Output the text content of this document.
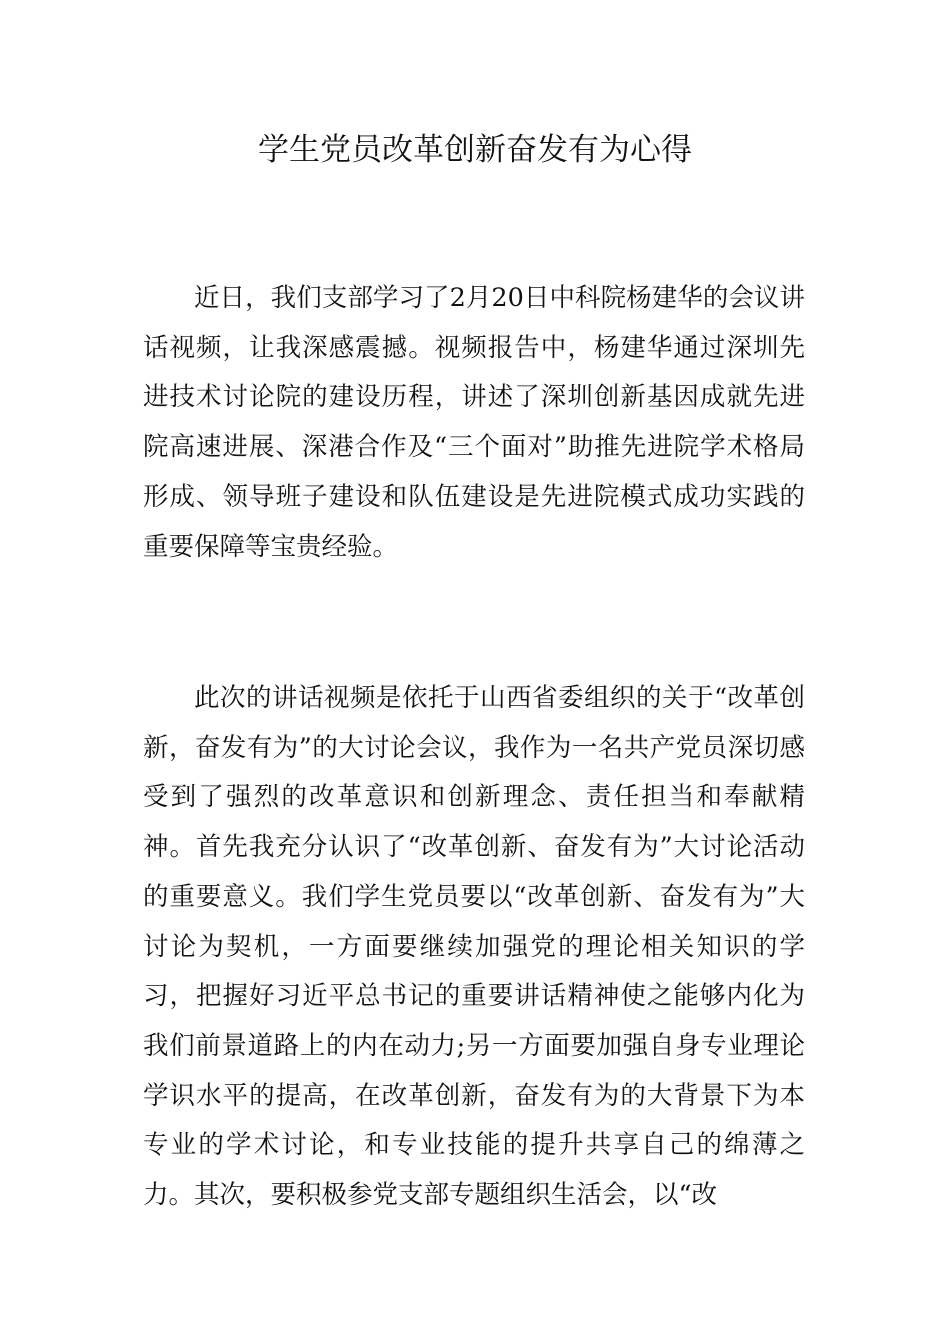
学生党员改革创新奋发有为心得

近日，我们支部学习了2月20日中科院杨建华的会议讲话视频，让我深感震撼。视频报告中，杨建华通过深圳先进技术讨论院的建设历程，讲述了深圳创新基因成就先进院高速进展、深港合作及“三个面对”助推先进院学术格局形成、领导班子建设和队伍建设是先进院模式成功实践的重要保障等宝贵经验。

此次的讲话视频是依托于山西省委组织的关于“改革创新，奋发有为”的大讨论会议，我作为一名共产党员深切感受到了强烈的改革意识和创新理念、责任担当和奉献精神。首先我充分认识了“改革创新、奋发有为”大讨论活动的重要意义。我们学生党员要以“改革创新、奋发有为”大讨论为契机，一方面要继续加强党的理论相关知识的学习，把握好习近平总书记的重要讲话精神使之能够内化为我们前景道路上的内在动力;另一方面要加强自身专业理论学识水平的提高，在改革创新，奋发有为的大背景下为本专业的学术讨论，和专业技能的提升共享自己的绵薄之力。其次，要积极参党支部专题组织生活会，以“改
